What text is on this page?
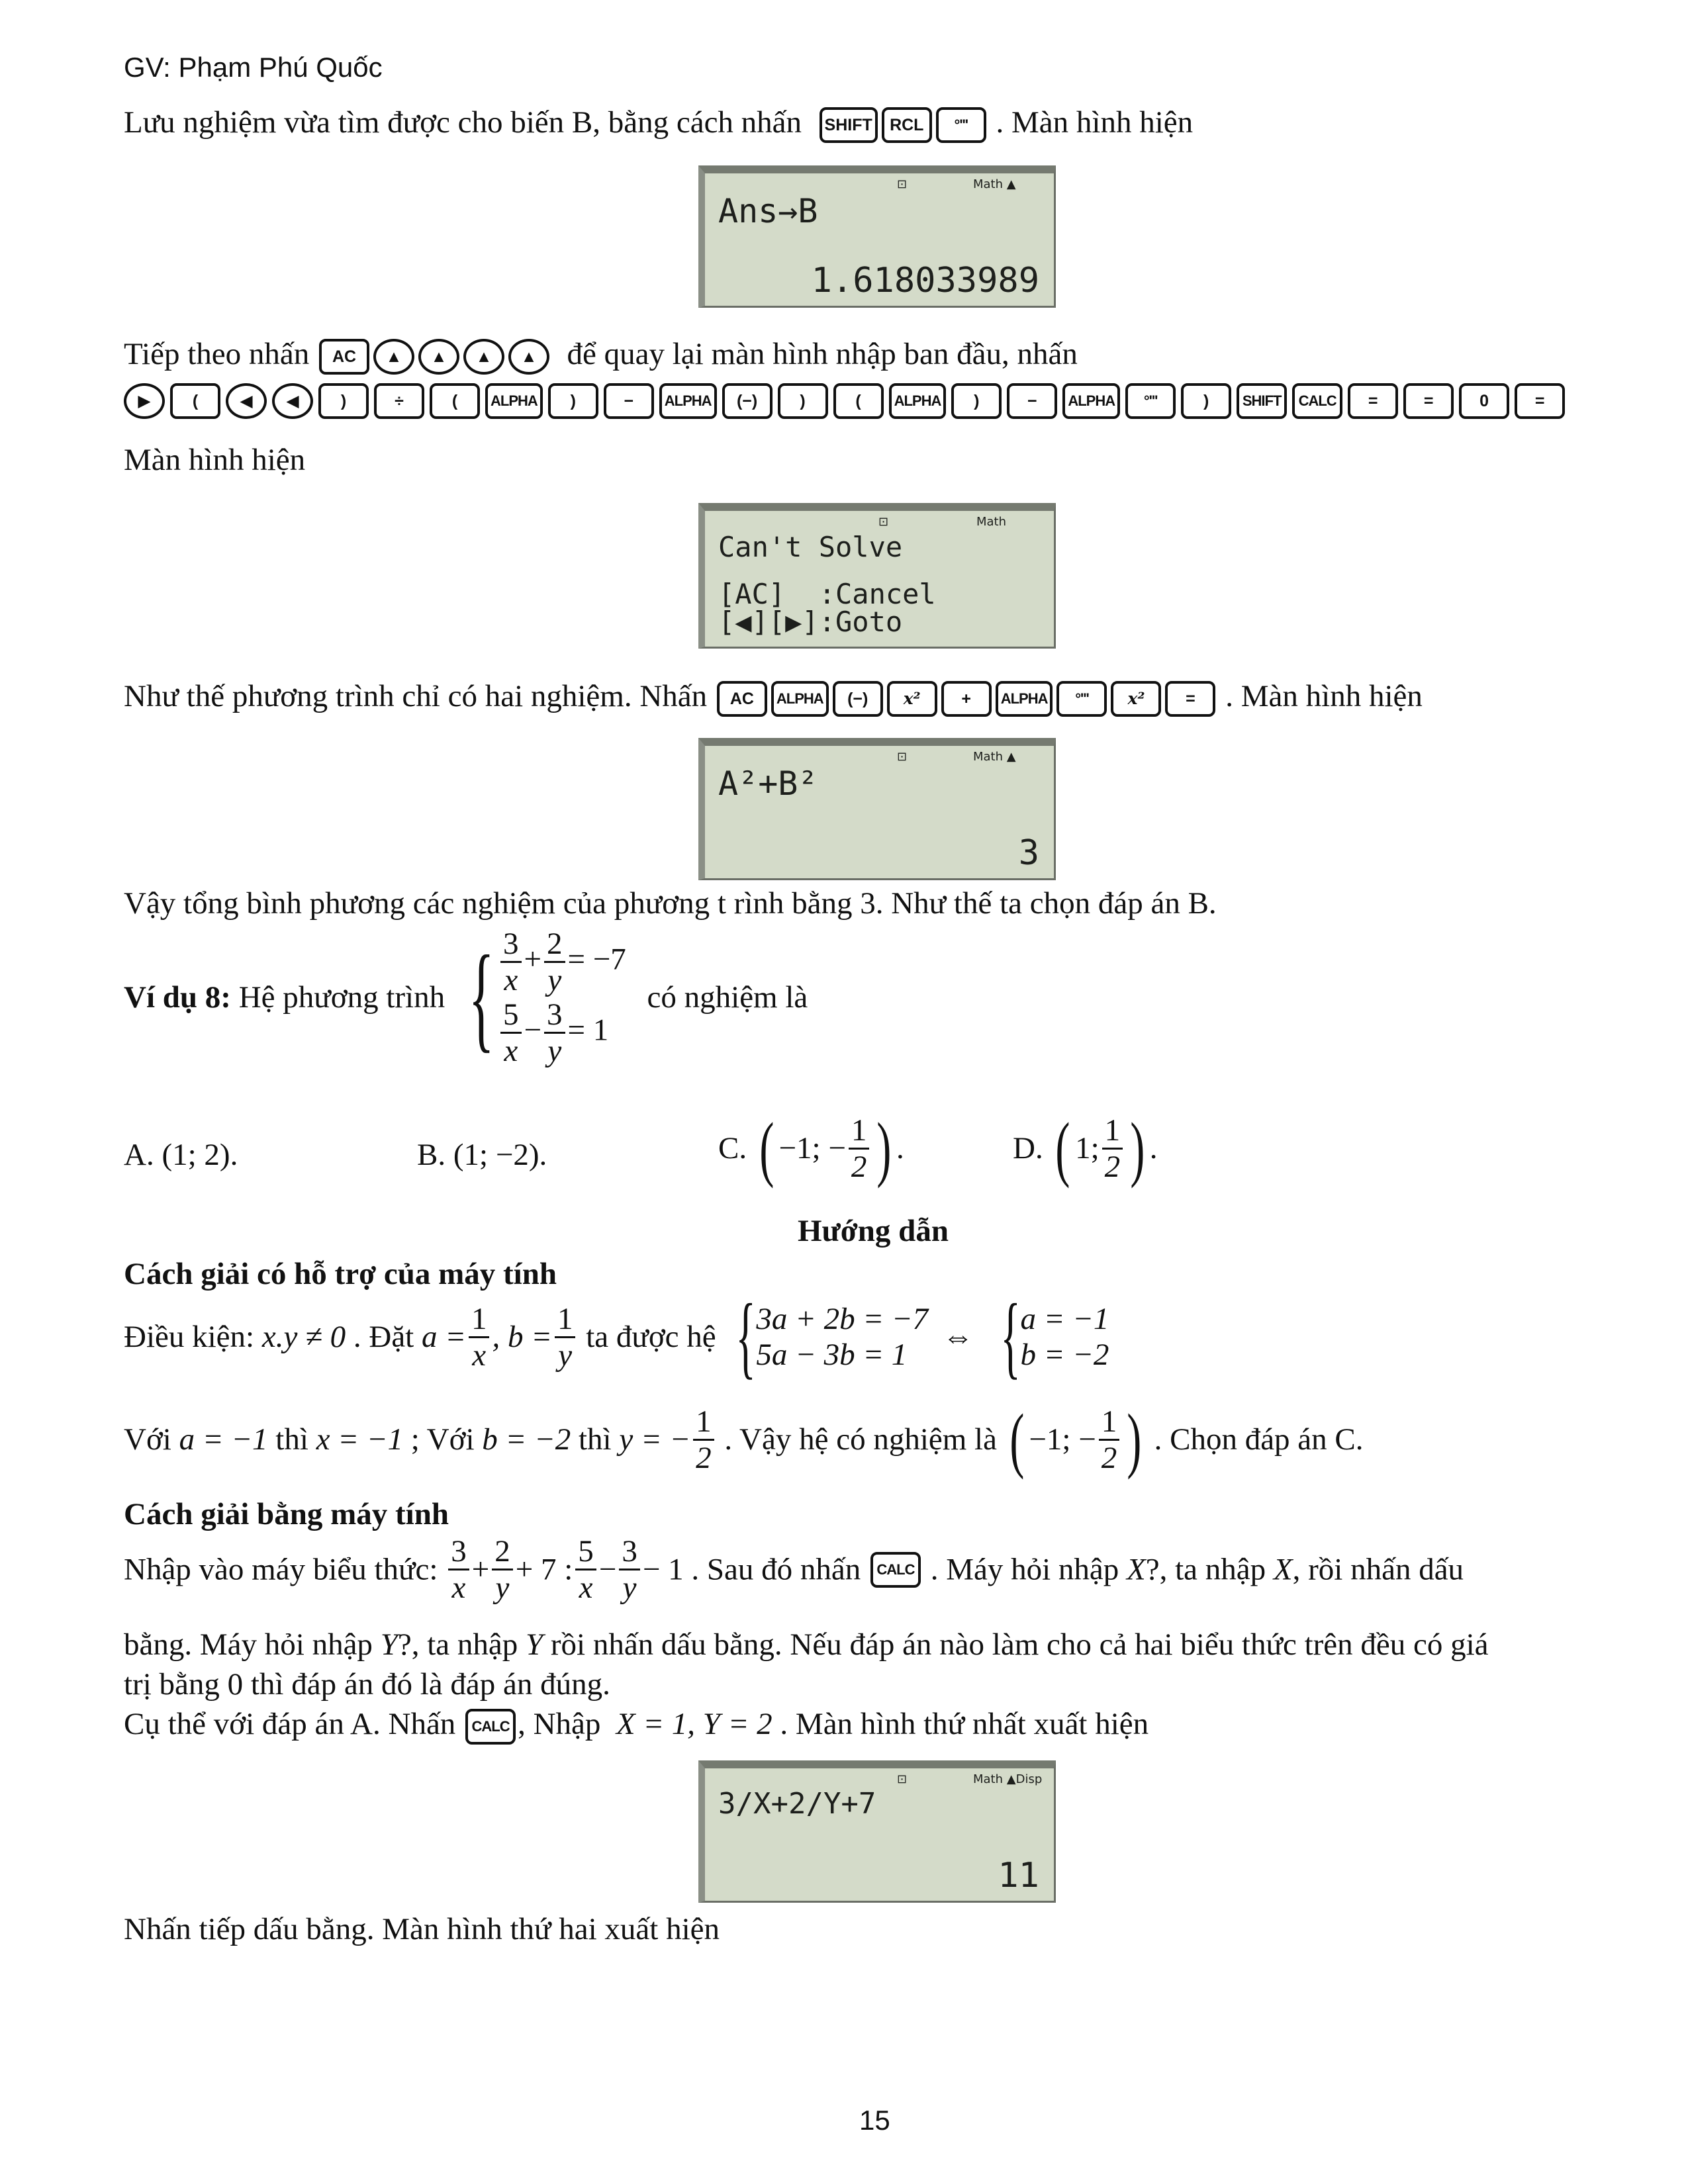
GV: Phạm Phú Quốc
Lưu nghiệm vừa tìm được cho biến B, bằng cách nhấn SHIFT RCL °''' . Màn hình hiện
⊡	Math ▲
Ans→B
1.618033989
Tiếp theo nhấn AC ▲ ▲ ▲ ▲ để quay lại màn hình nhập ban đầu, nhấn
▶	(	◀ ◀	)	÷	( ALPHA )	− ALPHA (−)	)	( ALPHA )	− ALPHA °'''	) SHIFT CALC =	=	0	=
Màn hình hiện
⊡	Math
Can't Solve
[AC]  :Cancel
[◀][▶]:Goto
Như thế phương trình chỉ có hai nghiệm. Nhấn AC ALPHA (−) x² + ALPHA °''' x² = . Màn hình hiện
⊡	Math ▲
A²+B²
3
Vậy tổng bình phương các nghiệm của phương t rình bằng 3. Như thế ta chọn đáp án B.
Ví dụ 8: Hệ phương trình { $\frac{3}{x} + \frac{2}{y} = -7$
$\frac{5}{x} - \frac{3}{y} = 1$
có nghiệm là
A. (1; 2).	B. (1; −2).	C. ( −1; − $\frac{1}{2}$ ) .	D. ( 1; $\frac{1}{2}$ ) .
Hướng dẫn
Cách giải có hỗ trợ của máy tính
Điều kiện: x.y ≠ 0 . Đặt $a = \frac{1}{x}$ , $b = \frac{1}{y}$ ta được hệ { 3a + 2b = −7
5a − 3b = 1
⇔ { a = −1
b = −2
Với a = −1 thì x = −1 ; Với b = −2 thì y = − $\frac{1}{2}$ . Vậy hệ có nghiệm là ( −1; − $\frac{1}{2}$ ) . Chọn đáp án C.
Cách giải bằng máy tính
Nhập vào máy biểu thức: $\frac{3}{x} + \frac{2}{y} + 7$ : $\frac{5}{x} - \frac{3}{y} - 1$ . Sau đó nhấn CALC . Máy hỏi nhập X?, ta nhập X, rồi nhấn dấu
bằng. Máy hỏi nhập Y?, ta nhập Y rồi nhấn dấu bằng. Nếu đáp án nào làm cho cả hai biểu thức trên đều có giá
trị bằng 0 thì đáp án đó là đáp án đúng.
Cụ thể với đáp án A. Nhấn CALC , Nhập X = 1, Y = 2 . Màn hình thứ nhất xuất hiện
⊡	Math ▲Disp
3/X+2/Y+7
11
Nhấn tiếp dấu bằng. Màn hình thứ hai xuất hiện
15
